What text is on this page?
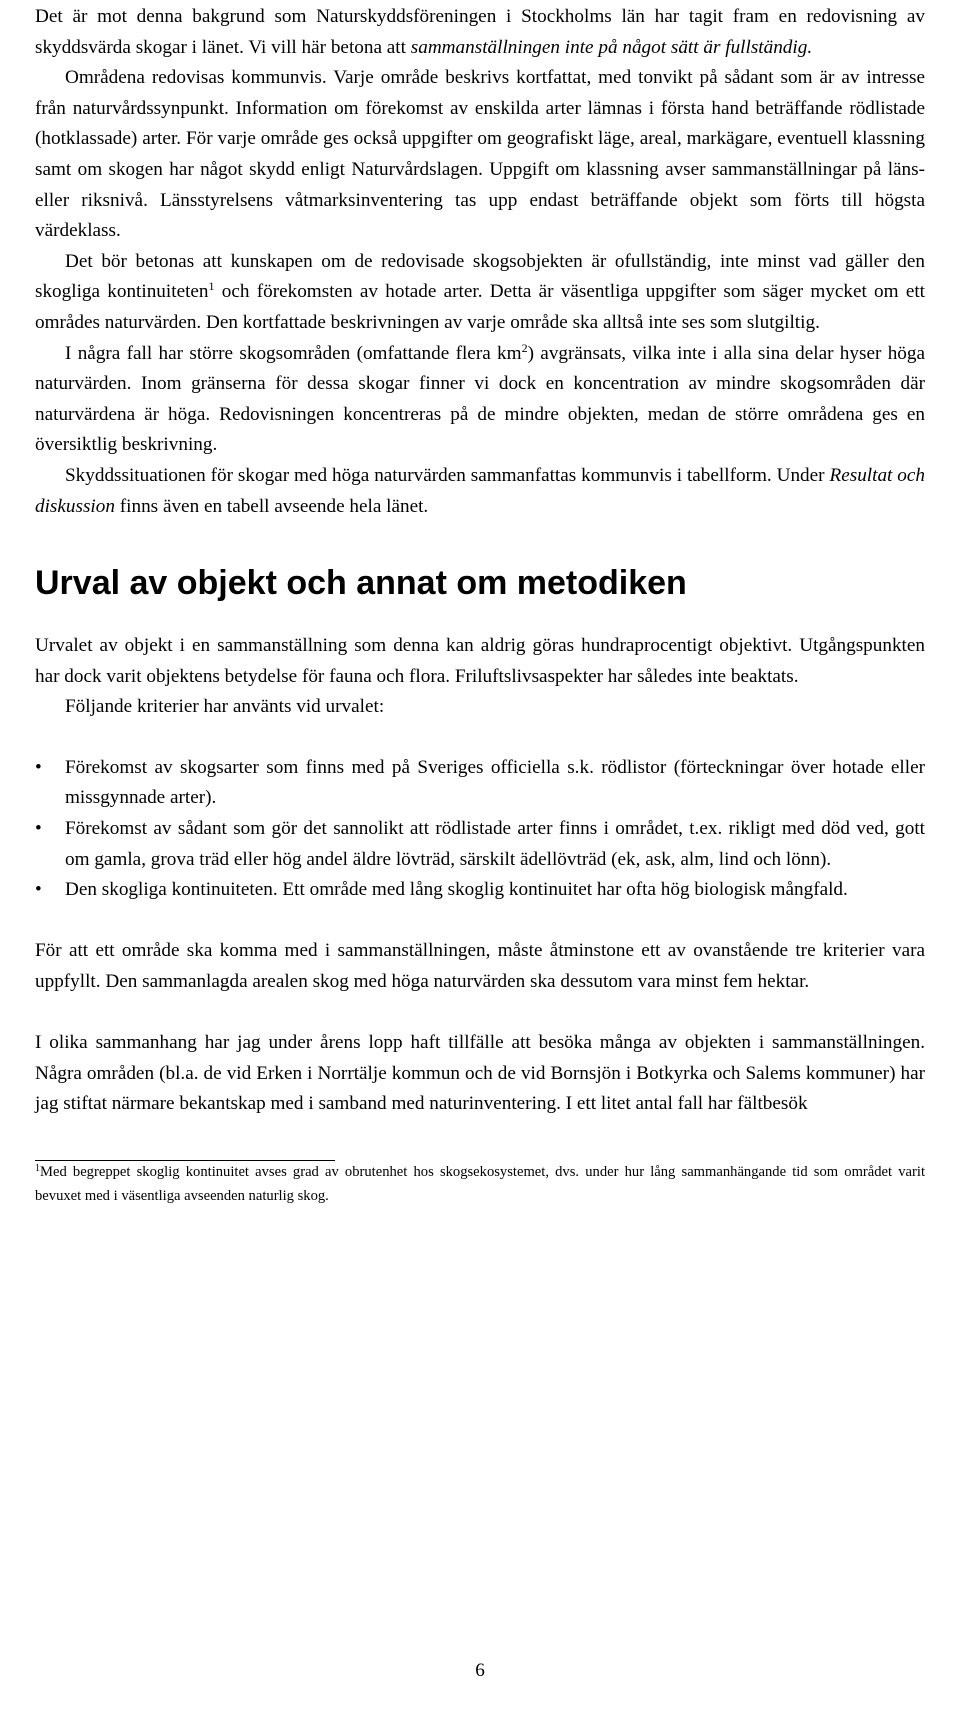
Det är mot denna bakgrund som Naturskyddsföreningen i Stockholms län har tagit fram en redovisning av skyddsvärda skogar i länet. Vi vill här betona att sammanställningen inte på något sätt är fullständig.

Områdena redovisas kommunvis. Varje område beskrivs kortfattat, med tonvikt på sådant som är av intresse från naturvårdssynpunkt. Information om förekomst av enskilda arter lämnas i första hand beträffande rödlistade (hotklassade) arter. För varje område ges också uppgifter om geografiskt läge, areal, markägare, eventuell klassning samt om skogen har något skydd enligt Naturvårdslagen. Uppgift om klassning avser sammanställningar på läns- eller riksnivå. Länsstyrelsens våtmarksinventering tas upp endast beträffande objekt som förts till högsta värdeklass.

Det bör betonas att kunskapen om de redovisade skogsobjekten är ofullständig, inte minst vad gäller den skogliga kontinuiteten$^1$ och förekomsten av hotade arter. Detta är väsentliga uppgifter som säger mycket om ett områdes naturvärden. Den kortfattade beskrivningen av varje område ska alltså inte ses som slutgiltig.

I några fall har större skogsområden (omfattande flera $km^2$) avgränsats, vilka inte i alla sina delar hyser höga naturvärden. Inom gränserna för dessa skogar finner vi dock en koncentration av mindre skogsområden där naturvärdena är höga. Redovisningen koncentreras på de mindre objekten, medan de större områdena ges en översiktlig beskrivning.

Skyddssituationen för skogar med höga naturvärden sammanfattas kommunvis i tabellform. Under Resultat och diskussion finns även en tabell avseende hela länet.

Urval av objekt och annat om metodiken

Urvalet av objekt i en sammanställning som denna kan aldrig göras hundraprocentigt objektivt. Utgångspunkten har dock varit objektens betydelse för fauna och flora. Friluftslivsaspekter har således inte beaktats.

Följande kriterier har använts vid urvalet:

• Förekomst av skogsarter som finns med på Sveriges officiella s.k. rödlistor (förteckningar över hotade eller missgynnade arter).
• Förekomst av sådant som gör det sannolikt att rödlistade arter finns i området, t.ex. rikligt med död ved, gott om gamla, grova träd eller hög andel äldre lövträd, särskilt ädellövträd (ek, ask, alm, lind och lönn).
• Den skogliga kontinuiteten. Ett område med lång skoglig kontinuitet har ofta hög biologisk mångfald.

För att ett område ska komma med i sammanställningen, måste åtminstone ett av ovanstående tre kriterier vara uppfyllt. Den sammanlagda arealen skog med höga naturvärden ska dessutom vara minst fem hektar.

I olika sammanhang har jag under årens lopp haft tillfälle att besöka många av objekten i sammanställningen. Några områden (bl.a. de vid Erken i Norrtälje kommun och de vid Bornsjön i Botkyrka och Salems kommuner) har jag stiftat närmare bekantskap med i samband med naturinventering. I ett litet antal fall har fältbesök

$^1$Med begreppet skoglig kontinuitet avses grad av obrutenhet hos skogsekosystemet, dvs. under hur lång sammanhängande tid som området varit bevuxet med i väsentliga avseenden naturlig skog.

6
